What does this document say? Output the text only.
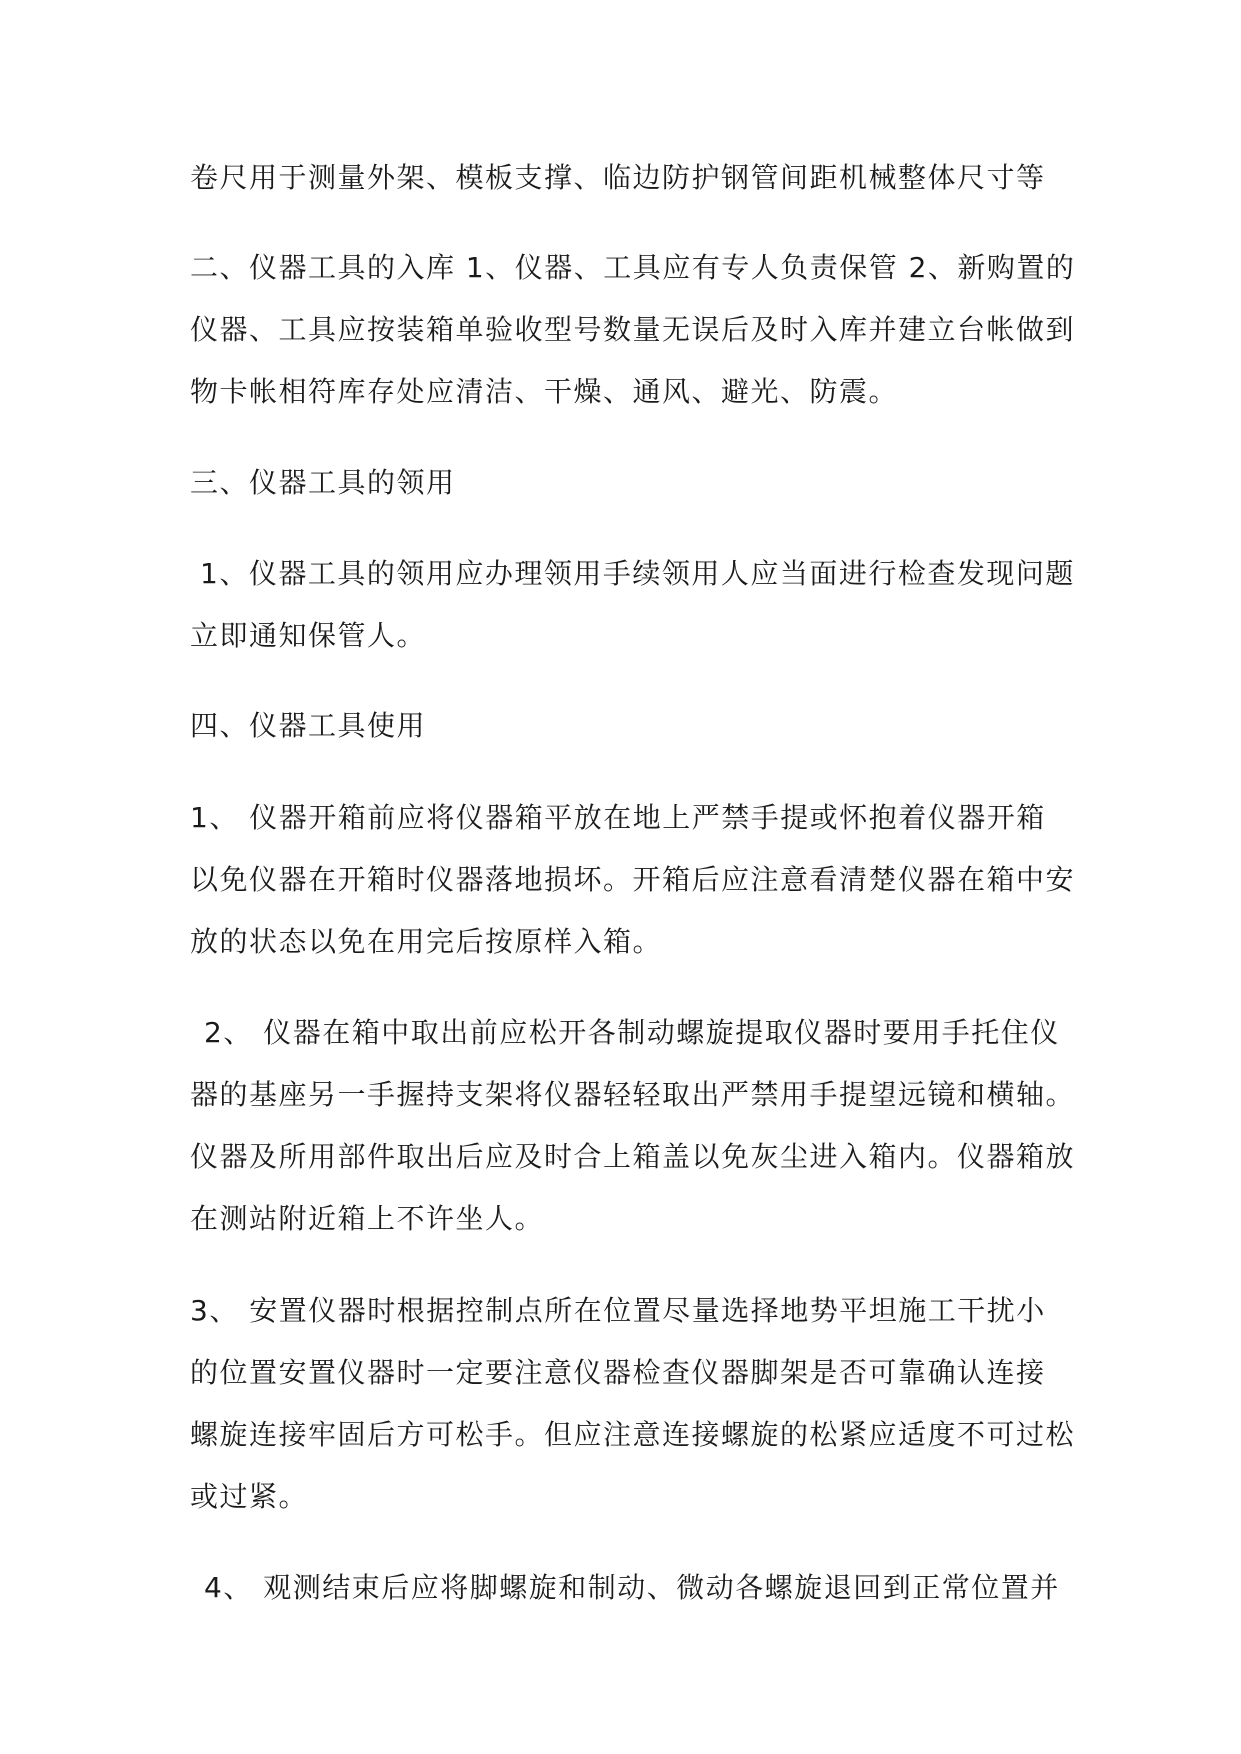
卷尺用于测量外架、模板支撑、临边防护钢管间距机械整体尺寸等
二、仪器工具的入库 1、仪器、工具应有专人负责保管 2、新购置的
仪器、工具应按装箱单验收型号数量无误后及时入库并建立台帐做到
物卡帐相符库存处应清洁、干燥、通风、避光、防震。
三、仪器工具的领用
1、仪器工具的领用应办理领用手续领用人应当面进行检查发现问题
立即通知保管人。
四、仪器工具使用
1、 仪器开箱前应将仪器箱平放在地上严禁手提或怀抱着仪器开箱
以免仪器在开箱时仪器落地损坏。开箱后应注意看清楚仪器在箱中安
放的状态以免在用完后按原样入箱。
2、 仪器在箱中取出前应松开各制动螺旋提取仪器时要用手托住仪
器的基座另一手握持支架将仪器轻轻取出严禁用手提望远镜和横轴。
仪器及所用部件取出后应及时合上箱盖以免灰尘进入箱内。仪器箱放
在测站附近箱上不许坐人。
3、 安置仪器时根据控制点所在位置尽量选择地势平坦施工干扰小
的位置安置仪器时一定要注意仪器检查仪器脚架是否可靠确认连接
螺旋连接牢固后方可松手。但应注意连接螺旋的松紧应适度不可过松
或过紧。
4、 观测结束后应将脚螺旋和制动、微动各螺旋退回到正常位置并
